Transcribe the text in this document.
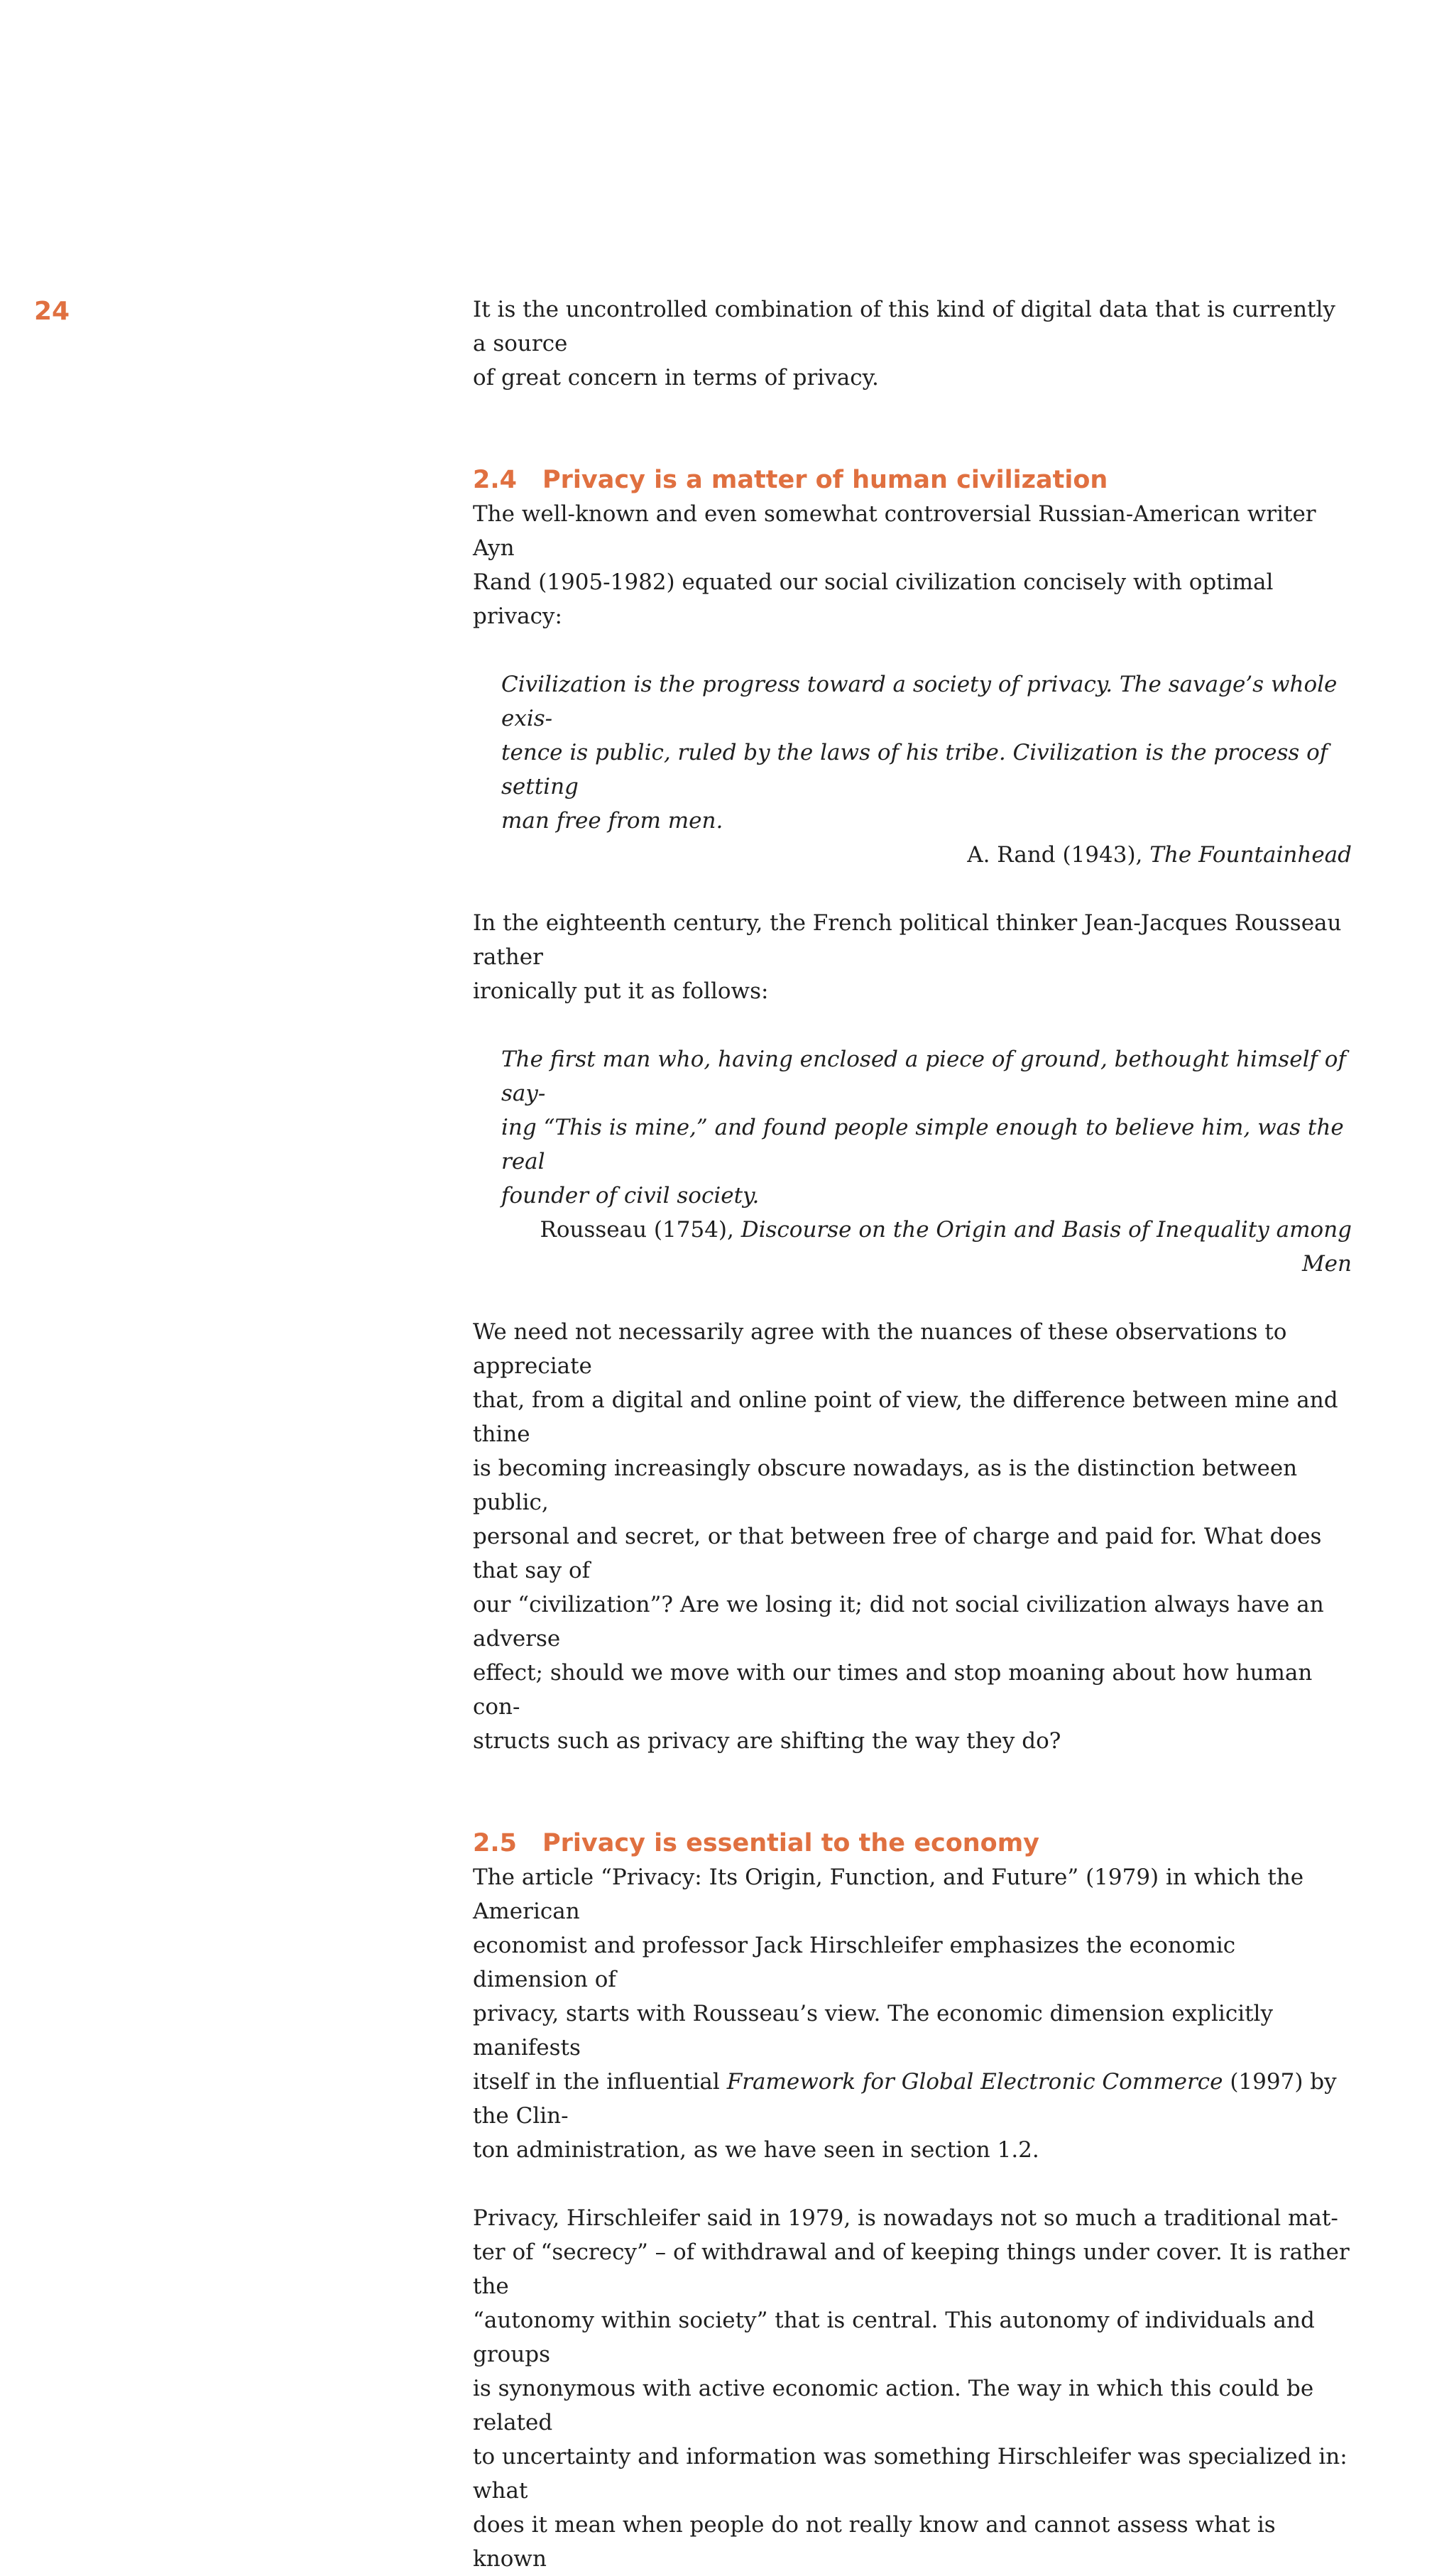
24	It is the uncontrolled combination of this kind of digital data that is currently a source
of great concern in terms of privacy.

2.4 Privacy is a matter of human civilization

The well-known and even somewhat controversial Russian-American writer Ayn
Rand (1905-1982) equated our social civilization concisely with optimal privacy:

Civilization is the progress toward a society of privacy. The savage’s whole exis-
tence is public, ruled by the laws of his tribe. Civilization is the process of setting
man free from men.

A. Rand (1943), The Fountainhead

In the eighteenth century, the French political thinker Jean-Jacques Rousseau rather
ironically put it as follows:

The first man who, having enclosed a piece of ground, bethought himself of say-
ing “This is mine,” and found people simple enough to believe him, was the real
founder of civil society.

Rousseau (1754), Discourse on the Origin and Basis of Inequality among Men

We need not necessarily agree with the nuances of these observations to appreciate
that, from a digital and online point of view, the difference between mine and thine
is becoming increasingly obscure nowadays, as is the distinction between public,
personal and secret, or that between free of charge and paid for. What does that say of
our “civilization”? Are we losing it; did not social civilization always have an adverse
effect; should we move with our times and stop moaning about how human con-
structs such as privacy are shifting the way they do?

2.5 Privacy is essential to the economy

The article “Privacy: Its Origin, Function, and Future” (1979) in which the American
economist and professor Jack Hirschleifer emphasizes the economic dimension of
privacy, starts with Rousseau’s view. The economic dimension explicitly manifests
itself in the influential Framework for Global Electronic Commerce (1997) by the Clin-
ton administration, as we have seen in section 1.2.

Privacy, Hirschleifer said in 1979, is nowadays not so much a traditional mat-
ter of “secrecy” – of withdrawal and of keeping things under cover. It is rather the
“autonomy within society” that is central. This autonomy of individuals and groups
is synonymous with active economic action. The way in which this could be related
to uncertainty and information was something Hirschleifer was specialized in: what
does it mean when people do not really know and cannot assess what is known
